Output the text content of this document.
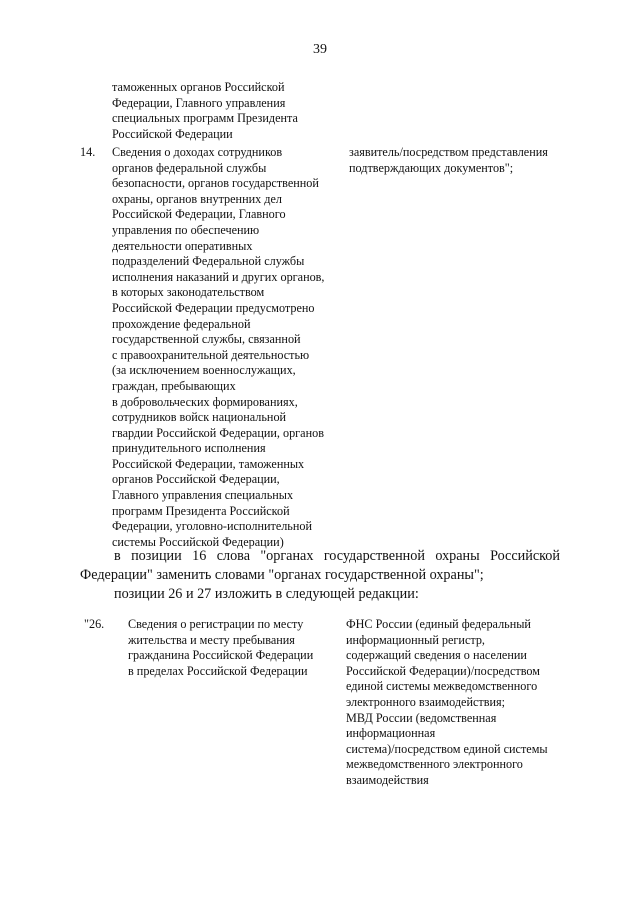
39
таможенных органов Российской
Федерации, Главного управления
специальных программ Президента
Российской Федерации
14. Сведения о доходах сотрудников
органов федеральной службы
безопасности, органов государственной
охраны, органов внутренних дел
Российской Федерации, Главного
управления по обеспечению
деятельности оперативных
подразделений Федеральной службы
исполнения наказаний и других органов,
в которых законодательством
Российской Федерации предусмотрено
прохождение федеральной
государственной службы, связанной
с правоохранительной деятельностью
(за исключением военнослужащих,
граждан, пребывающих
в добровольческих формированиях,
сотрудников войск национальной
гвардии Российской Федерации, органов
принудительного исполнения
Российской Федерации, таможенных
органов Российской Федерации,
Главного управления специальных
программ Президента Российской
Федерации, уголовно-исполнительной
системы Российской Федерации)
заявитель/посредством представления
подтверждающих документов";
в позиции 16 слова "органах государственной охраны Российской
Федерации" заменить словами "органах государственной охраны";
позиции 26 и 27 изложить в следующей редакции:
"26. Сведения о регистрации по месту
жительства и месту пребывания
гражданина Российской Федерации
в пределах Российской Федерации
ФНС России (единый федеральный
информационный регистр,
содержащий сведения о населении
Российской Федерации)/посредством
единой системы межведомственного
электронного взаимодействия;
МВД России (ведомственная
информационная
система)/посредством единой системы
межведомственного электронного
взаимодействия
